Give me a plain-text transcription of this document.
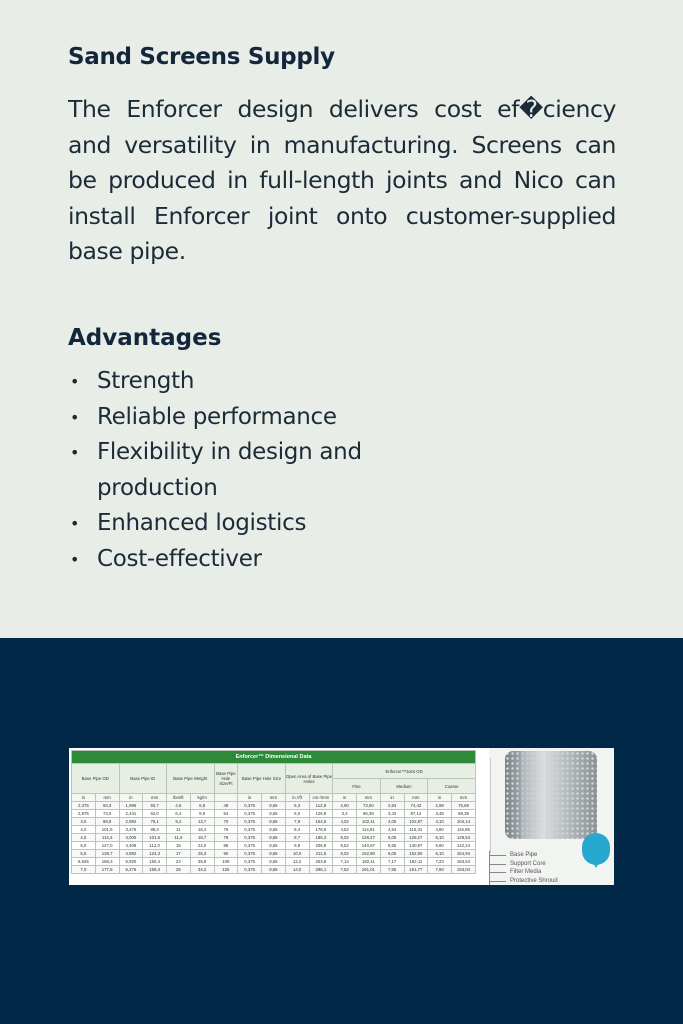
Sand Screens Supply
The Enforcer design delivers cost ef�ciency and versatility in manufacturing. Screens can be produced in full-length joints and Nico can install Enforcer joint onto customer-supplied base pipe.
Advantages
• Strength
• Reliable performance
• Flexibility in design and production
• Enhanced logistics
• Cost-effectiver
Enforcer™ Dimensional Data																
Base Pipe OD		Base Pipe ID		Base Pipe Weight		Base Pipe Hole Size/Ft	Base Pipe Hole Size		Open Area of Base Pipe Holes		Enforcer™Joint OD					
											Fine		Medium		Coarse	
in	mm	in	mm	lbm/ft	kg/m		in	mm	in.²/ft	cm.²/mm	in	mm	in	mm	in	mm
2,375	60,3	1,995	50,7	4,6	6,8	48	0,375	9,65	5,3	112,8	2,90	73,60	2,93	74,42	2,98	75,69
2,875	73,0	2,441	62,0	6,4	9,5	54	0,375	9,65	6,0	126,9	3,4	86,39	3,43	87,12	3,48	88,39
3,5	88,9	2,992	76,1	9,2	13,7	70	0,375	9,65	7,8	164,5	4,02	102,11	4,05	102,87	4,10	104,14
4,0	101,6	3,476	88,3	11	16,4	76	0,375	9,65	8,4	178,6	4,52	114,81	4,54	115,31	4,60	116,85
4,5	114,3	4,000	101,6	11,6	18,7	78	0,375	9,65	8,7	185,3	5,02	128,27	5,05	128,27	5,10	129,54
5,0	127,0	4,408	112,0	15	22,0	88	0,375	9,65	9,8	206,8	5,52	140,97	5,55	140,97	5,60	142,24
5,5	139,7	4,892	124,3	17	25,3	90	0,375	9,65	10,0	211,5	6,02	152,90	6,05	152,80	6,10	154,94
6,625	168,3	5,920	150,4	24	35,8	109	0,375	9,65	12,2	253,8	7,14	182,11	7,17	182,11	7,23	183,64
7,0	177,8	6,276	159,4	26	34,2	125	0,375	9,65	14,0	296,1	7,52	191,01	7,55	191,77	7,60	193,04
Base Pipe
Support Core
Filter Media
Protective Shroud
